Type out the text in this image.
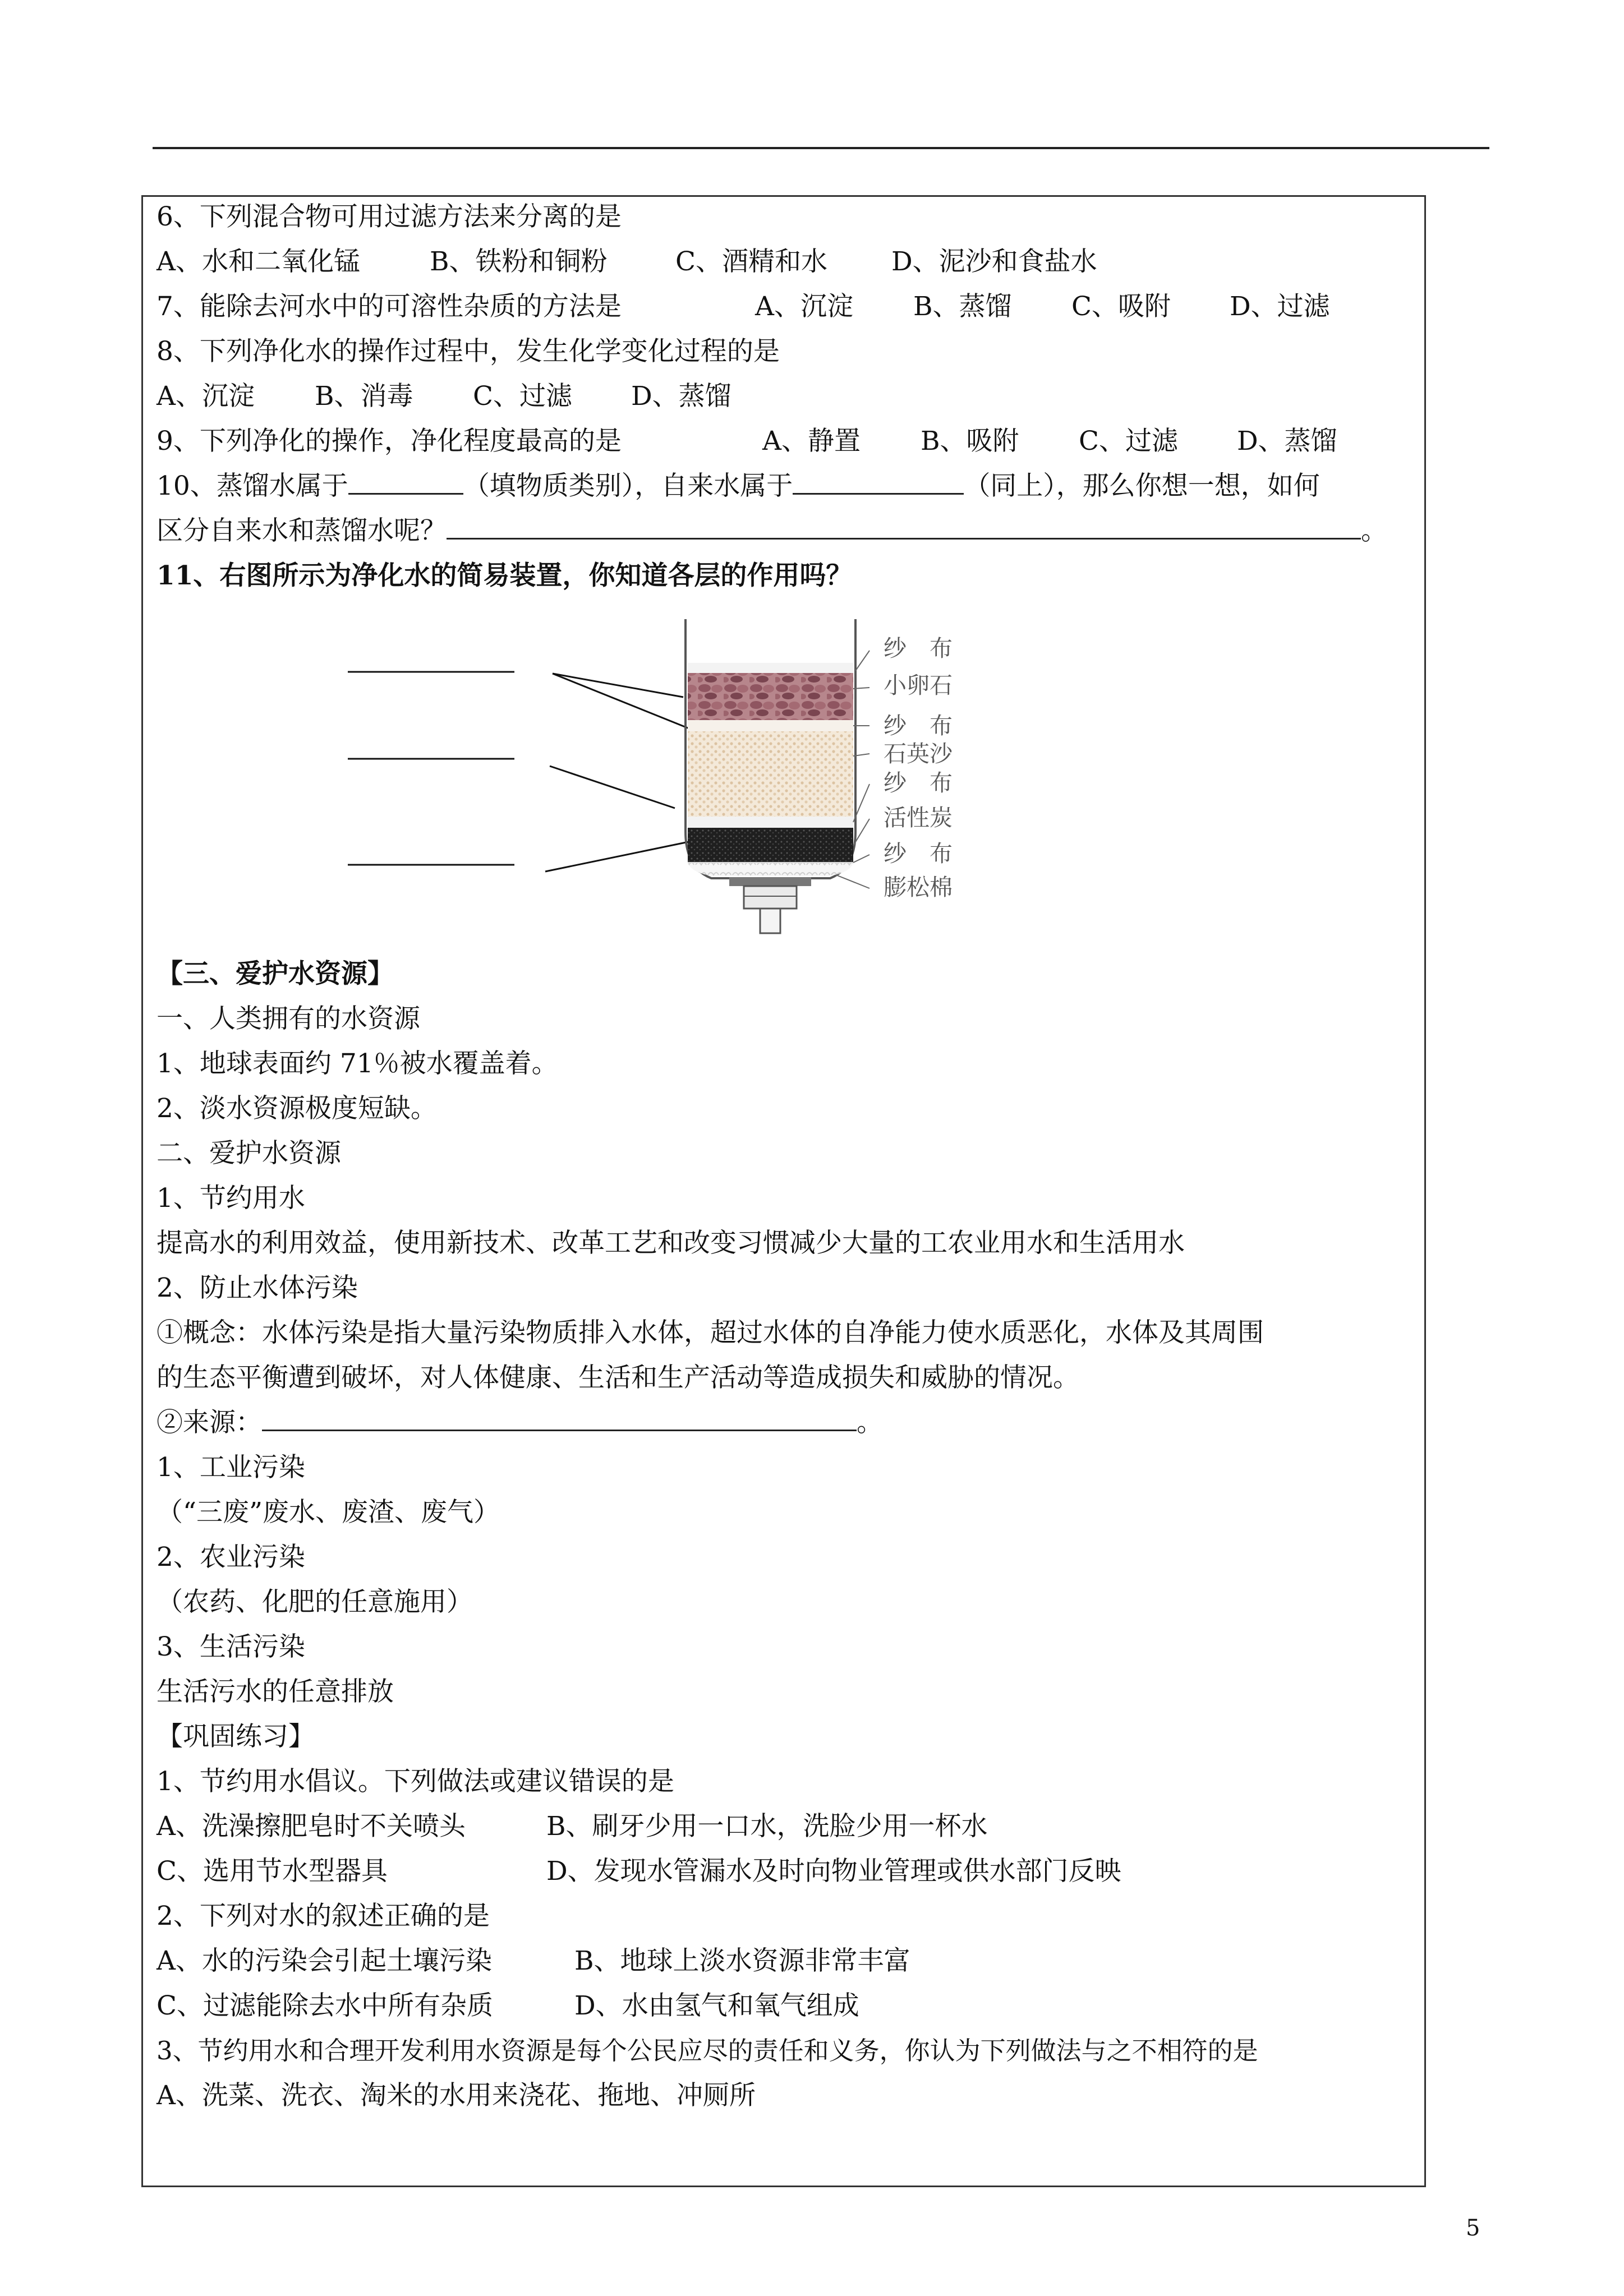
6、下列混合物可用过滤方法来分离的是
A、水和二氧化锰	B、铁粉和铜粉	C、酒精和水 D、泥沙和食盐水
7、能除去河水中的可溶性杂质的方法是	A、沉淀 B、蒸馏 C、吸附 D、过滤
8、下列净化水的操作过程中，发生化学变化过程的是
A、沉淀 B、消毒 C、过滤 D、蒸馏
9、下列净化的操作，净化程度最高的是	A、静置 B、吸附 C、过滤 D、蒸馏
10、蒸馏水属于	（填物质类别），自来水属于	（同上），那么你想一想，如何
区分自来水和蒸馏水呢？	。
11、右图所示为净化水的简易装置，你知道各层的作用吗？
纱　布
小卵石
纱　布
石英沙
纱　布
活性炭
纱　布
膨松棉
【三、爱护水资源】
一、人类拥有的水资源
1、地球表面约 71％被水覆盖着。
2、淡水资源极度短缺。
二、爱护水资源
1、节约用水
提高水的利用效益，使用新技术、改革工艺和改变习惯减少大量的工农业用水和生活用水
2、防止水体污染
①概念：水体污染是指大量污染物质排入水体，超过水体的自净能力使水质恶化，水体及其周围
的生态平衡遭到破坏，对人体健康、生活和生产活动等造成损失和威胁的情况。
②来源：	。
1、工业污染
（“三废”废水、废渣、废气）
2、农业污染
（农药、化肥的任意施用）
3、生活污染
生活污水的任意排放
【巩固练习】
1、节约用水倡议。下列做法或建议错误的是
A、洗澡擦肥皂时不关喷头	B、刷牙少用一口水，洗脸少用一杯水
C、选用节水型器具	D、发现水管漏水及时向物业管理或供水部门反映
2、下列对水的叙述正确的是
A、水的污染会引起土壤污染	B、地球上淡水资源非常丰富
C、过滤能除去水中所有杂质	D、水由氢气和氧气组成
3、节约用水和合理开发利用水资源是每个公民应尽的责任和义务，你认为下列做法与之不相符的是
A、洗菜、洗衣、淘米的水用来浇花、拖地、冲厕所
5
